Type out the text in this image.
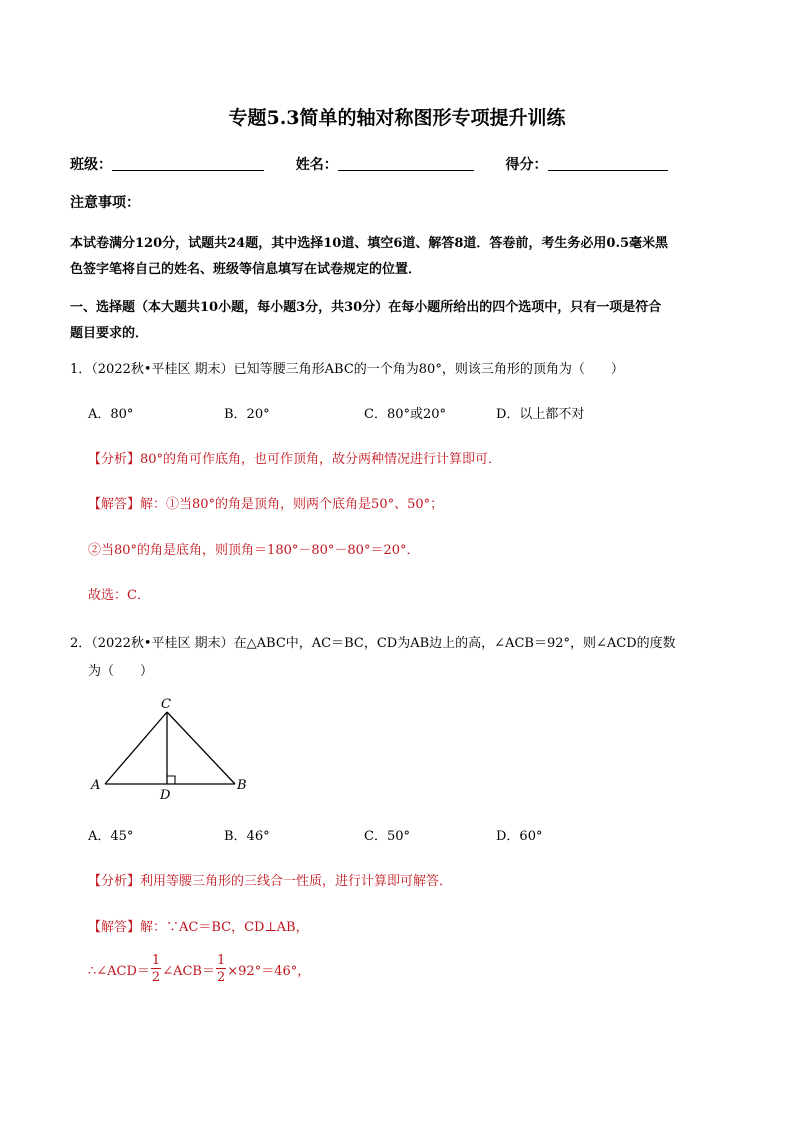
专题5.3简单的轴对称图形专项提升训练
班级：	姓名：	得分：
注意事项：
本试卷满分120分，试题共24题，其中选择10道、填空6道、解答8道．答卷前，考生务必用0.5毫米黑
色签字笔将自己的姓名、班级等信息填写在试卷规定的位置．
一、选择题（本大题共10小题，每小题3分，共30分）在每小题所给出的四个选项中，只有一项是符合
题目要求的．
1．（2022秋•平桂区 期末）已知等腰三角形ABC的一个角为80°，则该三角形的顶角为（　　）
A．80°	B．20°	C．80°或20°	D．以上都不对
【分析】80°的角可作底角，也可作顶角，故分两种情况进行计算即可．
【解答】解：①当80°的角是顶角，则两个底角是50°、50°；
②当80°的角是底角，则顶角＝180°－80°－80°＝20°．
故选：C．
2．（2022秋•平桂区 期末）在△ABC中，AC＝BC，CD为AB边上的高，∠ACB＝92°，则∠ACD的度数
为（　　）
C
A	B
D
A．45°	B．46°	C．50°	D．60°
【分析】利用等腰三角形的三线合一性质，进行计算即可解答．
【解答】解：∵AC＝BC，CD⊥AB，
∴∠ACD＝ $\frac{1}{2}$ ∠ACB＝ $\frac{1}{2} \times 92^\circ=46^\circ$，
